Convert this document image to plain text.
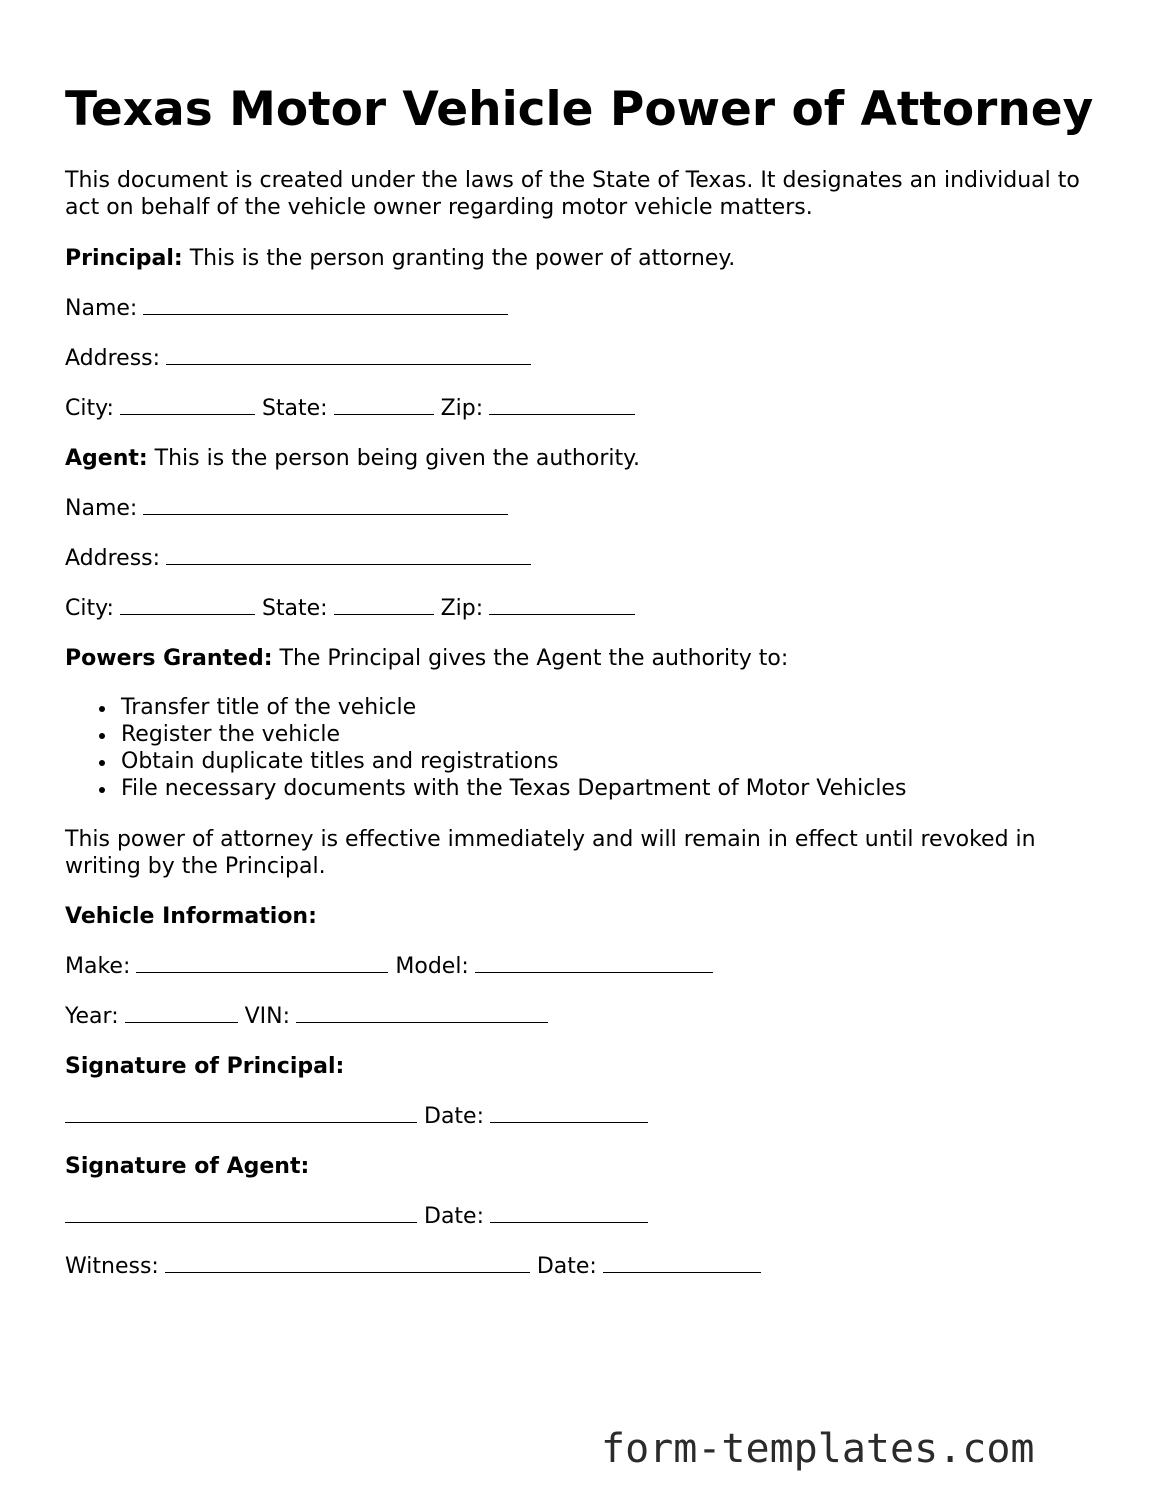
Texas Motor Vehicle Power of Attorney

This document is created under the laws of the State of Texas. It designates an individual to act on behalf of the vehicle owner regarding motor vehicle matters.

Principal: This is the person granting the power of attorney.

Name:

Address:

City:	State:	Zip:

Agent: This is the person being given the authority.

Name:

Address:

City:	State:	Zip:

Powers Granted: The Principal gives the Agent the authority to:

Transfer title of the vehicle
Register the vehicle
Obtain duplicate titles and registrations
File necessary documents with the Texas Department of Motor Vehicles

This power of attorney is effective immediately and will remain in effect until revoked in writing by the Principal.

Vehicle Information:

Make:	Model:

Year:	VIN:

Signature of Principal:

Date:

Signature of Agent:

Date:

Witness:	Date:

form-templates.com
